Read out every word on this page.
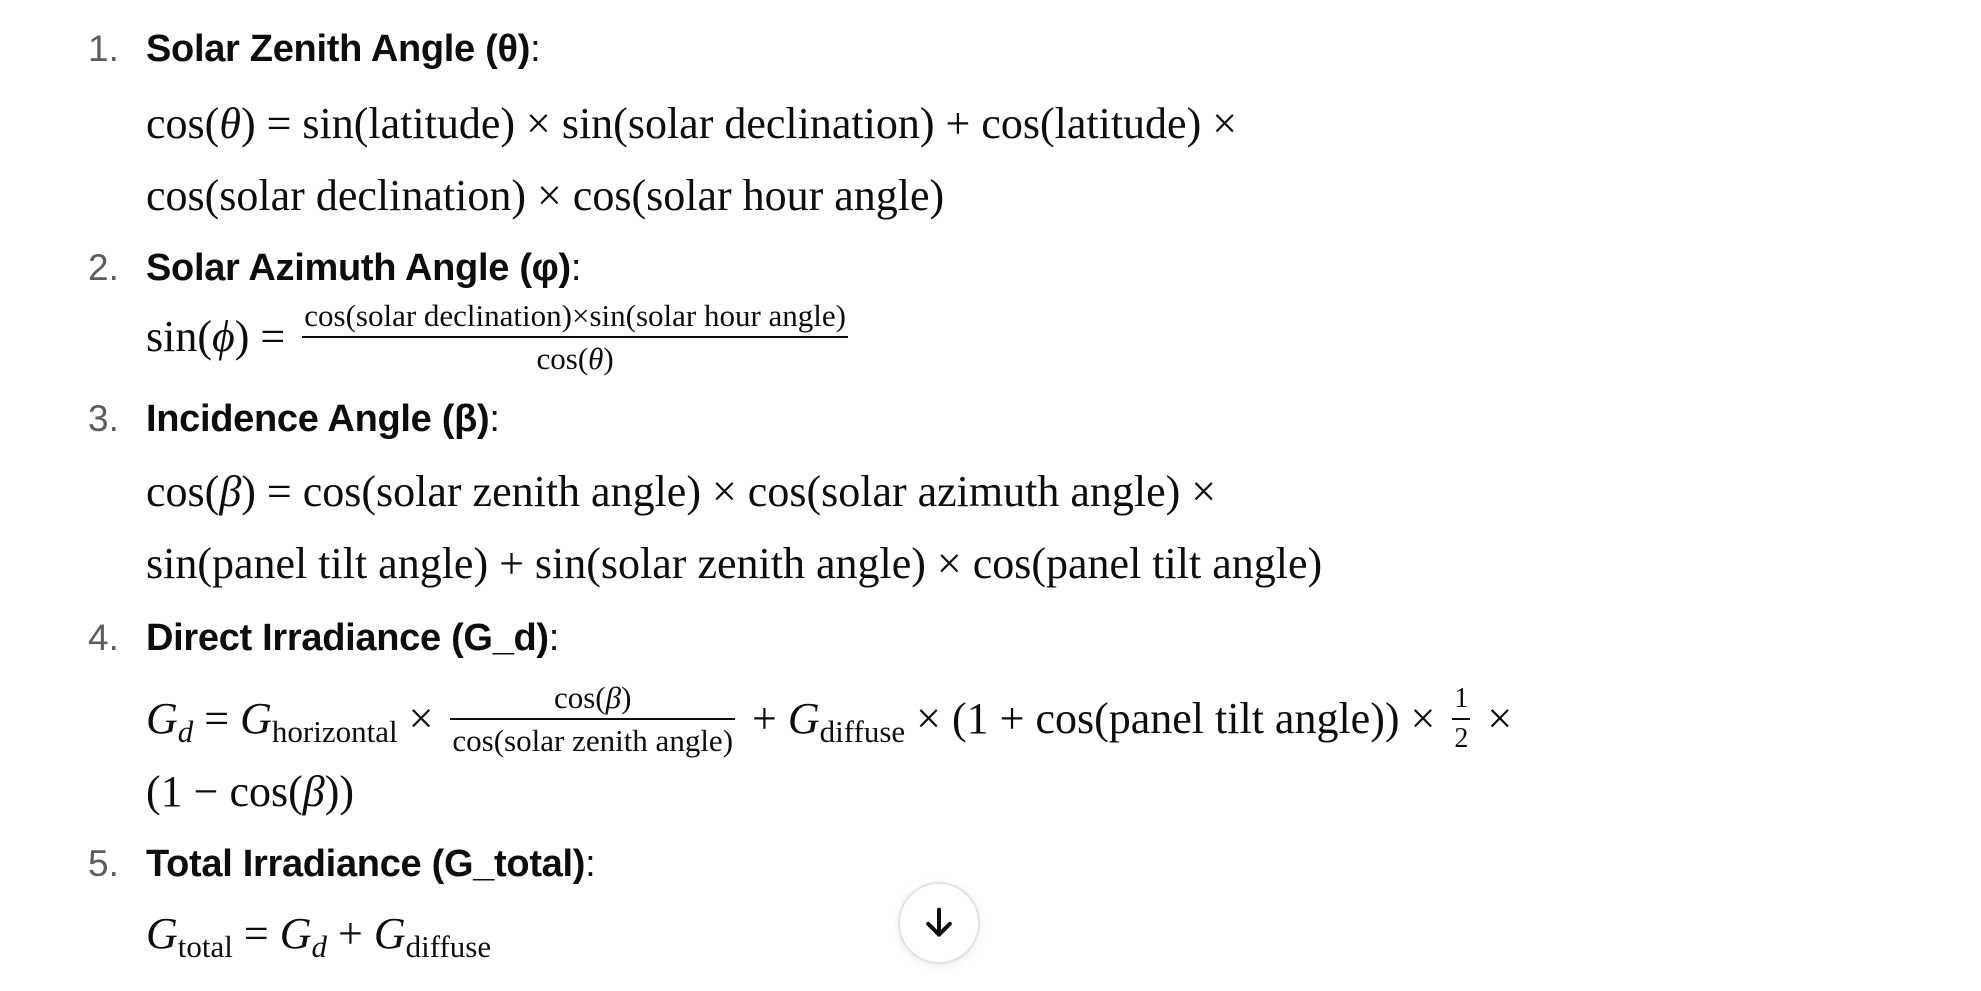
1. Solar Zenith Angle (θ) :
cos(θ) = sin(latitude) × sin(solar declination) + cos(latitude) ×
cos(solar declination) × cos(solar hour angle)
2. Solar Azimuth Angle (φ) :
$\sin(\phi) = \frac{\text{cos(solar declination)×sin(solar hour angle)}}{\cos(\theta)}$
3. Incidence Angle (β) :
cos(β) = cos(solar zenith angle) × cos(solar azimuth angle) ×
sin(panel tilt angle) + sin(solar zenith angle) × cos(panel tilt angle)
4. Direct Irradiance (G_d) :
$G_d = G_{horizontal} \times \frac{\cos(\beta)}{\text{cos(solar zenith angle)}} + G_{diffuse} \times (1$ + cos(panel tilt angle)) × $\frac{1}{2}$ ×
(1 − cos(β))
5. Total Irradiance (G_total) :
$G_{total} = G_d + G_{diffuse}$
